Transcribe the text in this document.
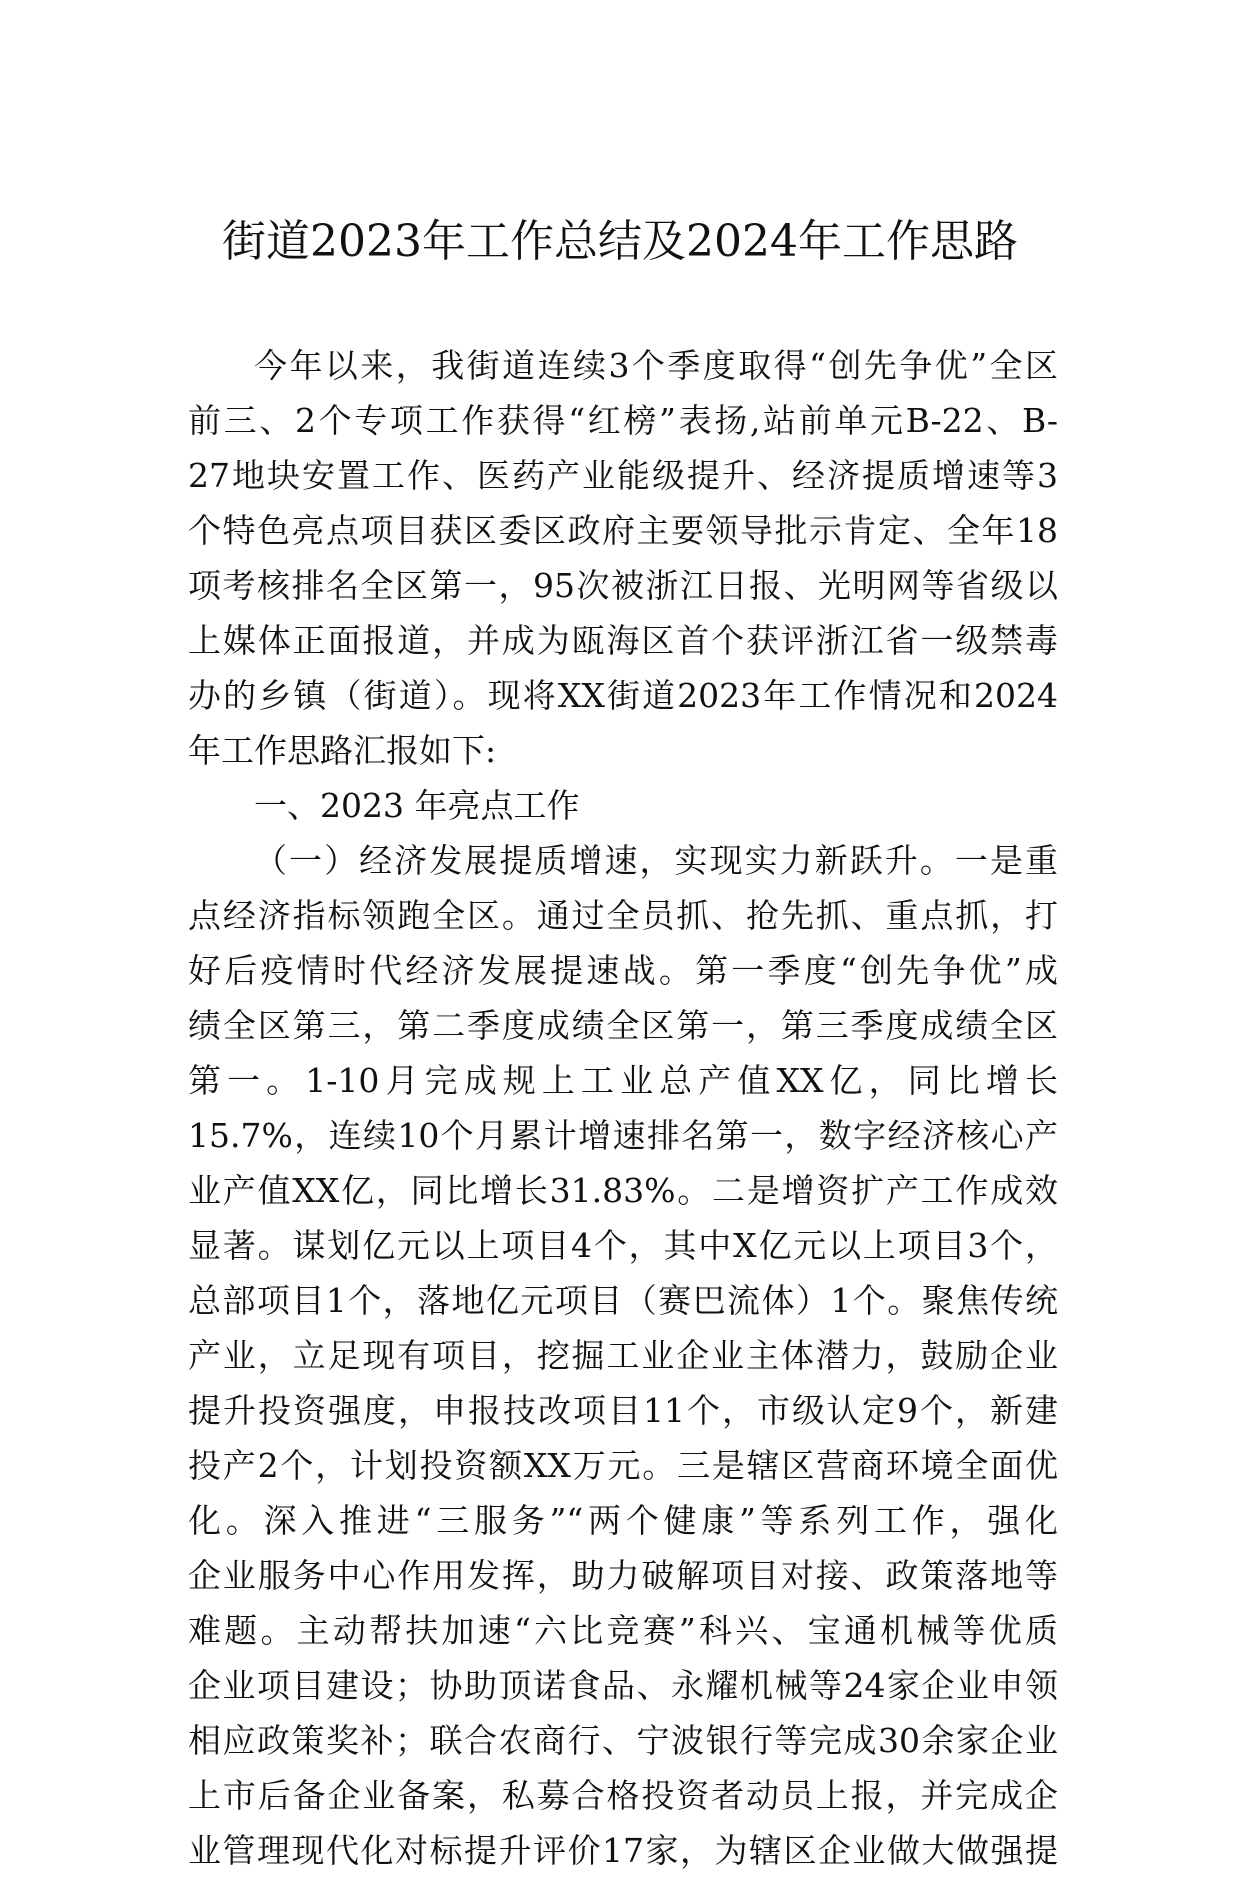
街道2023年工作总结及2024年工作思路
今年以来，我街道连续3个季度取得“创先争优”全区
前三、2个专项工作获得“红榜”表扬,站前单元B-22、B-
27地块安置工作、医药产业能级提升、经济提质增速等3
个特色亮点项目获区委区政府主要领导批示肯定、全年18
项考核排名全区第一，95次被浙江日报、光明网等省级以
上媒体正面报道，并成为瓯海区首个获评浙江省一级禁毒
办的乡镇（街道）。现将XX街道2023年工作情况和2024
年工作思路汇报如下:
一、2023 年亮点工作
（一）经济发展提质增速，实现实力新跃升。一是重
点经济指标领跑全区。通过全员抓、抢先抓、重点抓，打
好后疫情时代经济发展提速战。第一季度“创先争优”成
绩全区第三，第二季度成绩全区第一，第三季度成绩全区
第一。1-10月完成规上工业总产值XX亿，同比增长
15.7%，连续10个月累计增速排名第一，数字经济核心产
业产值XX亿，同比增长31.83%。二是增资扩产工作成效
显著。谋划亿元以上项目4个，其中X亿元以上项目3个，
总部项目1个，落地亿元项目（赛巴流体）1个。聚焦传统
产业，立足现有项目，挖掘工业企业主体潜力，鼓励企业
提升投资强度，申报技改项目11个，市级认定9个，新建
投产2个，计划投资额XX万元。三是辖区营商环境全面优
化。深入推进“三服务”“两个健康”等系列工作，强化
企业服务中心作用发挥，助力破解项目对接、政策落地等
难题。主动帮扶加速“六比竞赛”科兴、宝通机械等优质
企业项目建设；协助顶诺食品、永耀机械等24家企业申领
相应政策奖补；联合农商行、宁波银行等完成30余家企业
上市后备企业备案，私募合格投资者动员上报，并完成企
业管理现代化对标提升评价17家，为辖区企业做大做强提
